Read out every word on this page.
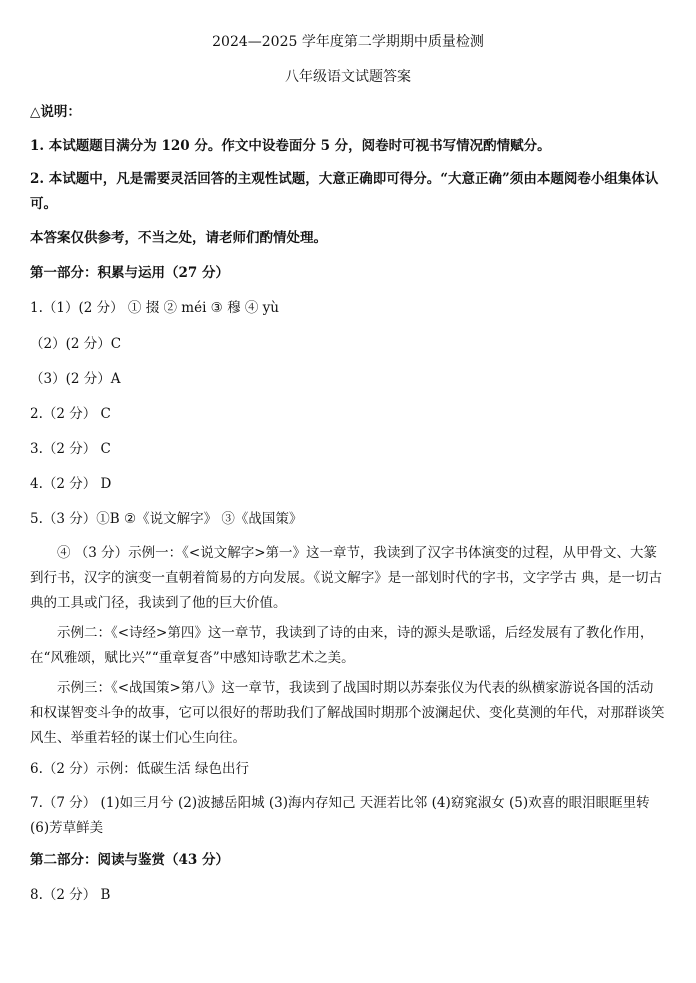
2024—2025 学年度第二学期期中质量检测
八年级语文试题答案
△说明：
1. 本试题题目满分为 120 分。作文中设卷面分 5 分，阅卷时可视书写情况酌情赋分。
2. 本试题中，凡是需要灵活回答的主观性试题，大意正确即可得分。“大意正确”须由本题阅卷小组集体认可。
本答案仅供参考，不当之处，请老师们酌情处理。
第一部分：积累与运用（27 分）
1.（1）(2 分） ① 掇 ② méi ③ 穆 ④ yù
（2）(2 分）C
（3）(2 分）A
2.（2 分） C
3.（2 分） C
4.（2 分） D
5.（3 分）①B ②《说文解字》 ③《战国策》
④ （3 分）示例一：《<说文解字>第一》这一章节，我读到了汉字书体演变的过程，从甲骨文、大篆到行书，汉字的演变一直朝着简易的方向发展。《说文解字》是一部划时代的字书，文字学古 典，是一切古典的工具或门径，我读到了他的巨大价值。
示例二：《<诗经>第四》这一章节，我读到了诗的由来，诗的源头是歌谣，后经发展有了教化作用，在“风雅颂，赋比兴”“重章复沓”中感知诗歌艺术之美。
示例三：《<战国策>第八》这一章节，我读到了战国时期以苏秦张仪为代表的纵横家游说各国的活动和权谋智变斗争的故事，它可以很好的帮助我们了解战国时期那个波澜起伏、变化莫测的年代，对那群谈笑风生、举重若轻的谋士们心生向往。
6.（2 分）示例：低碳生活 绿色出行
7.（7 分） (1)如三月兮 (2)波撼岳阳城 (3)海内存知己 天涯若比邻 (4)窈窕淑女 (5)欢喜的眼泪眼眶里转 (6)芳草鲜美
第二部分：阅读与鉴赏（43 分）
8.（2 分） B
